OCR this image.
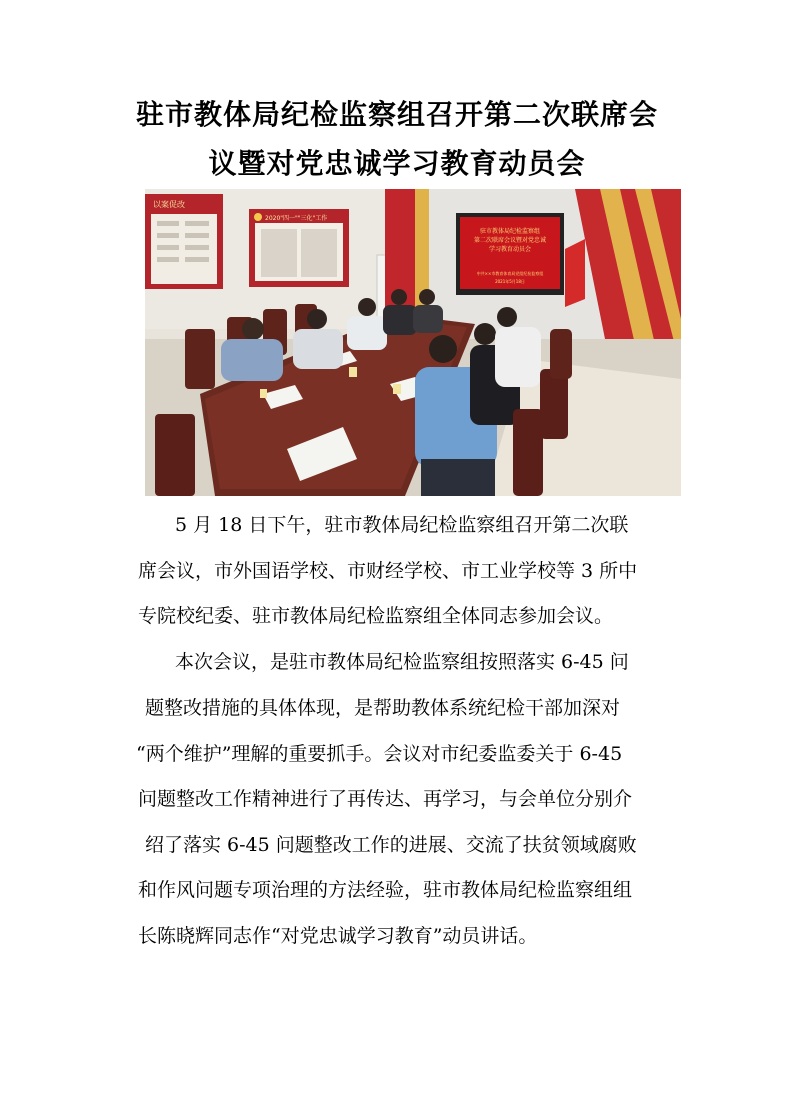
驻市教体局纪检监察组召开第二次联席会
议暨对党忠诚学习教育动员会
以案促改
2020"四一""三化"工作
驻市教体局纪检监察组
第二次联席会议暨对党忠诚
学习教育动员会
中共××市教育体育局党组纪检监察组
2021年5月18日
5 月 18 日下午，驻市教体局纪检监察组召开第二次联
席会议，市外国语学校、市财经学校、市工业学校等 3 所中
专院校纪委、驻市教体局纪检监察组全体同志参加会议。
本次会议，是驻市教体局纪检监察组按照落实 6-45 问
题整改措施的具体体现，是帮助教体系统纪检干部加深对
“两个维护”理解的重要抓手。会议对市纪委监委关于 6-45
问题整改工作精神进行了再传达、再学习，与会单位分别介
绍了落实 6-45 问题整改工作的进展、交流了扶贫领域腐败
和作风问题专项治理的方法经验，驻市教体局纪检监察组组
长陈晓辉同志作“对党忠诚学习教育”动员讲话。
